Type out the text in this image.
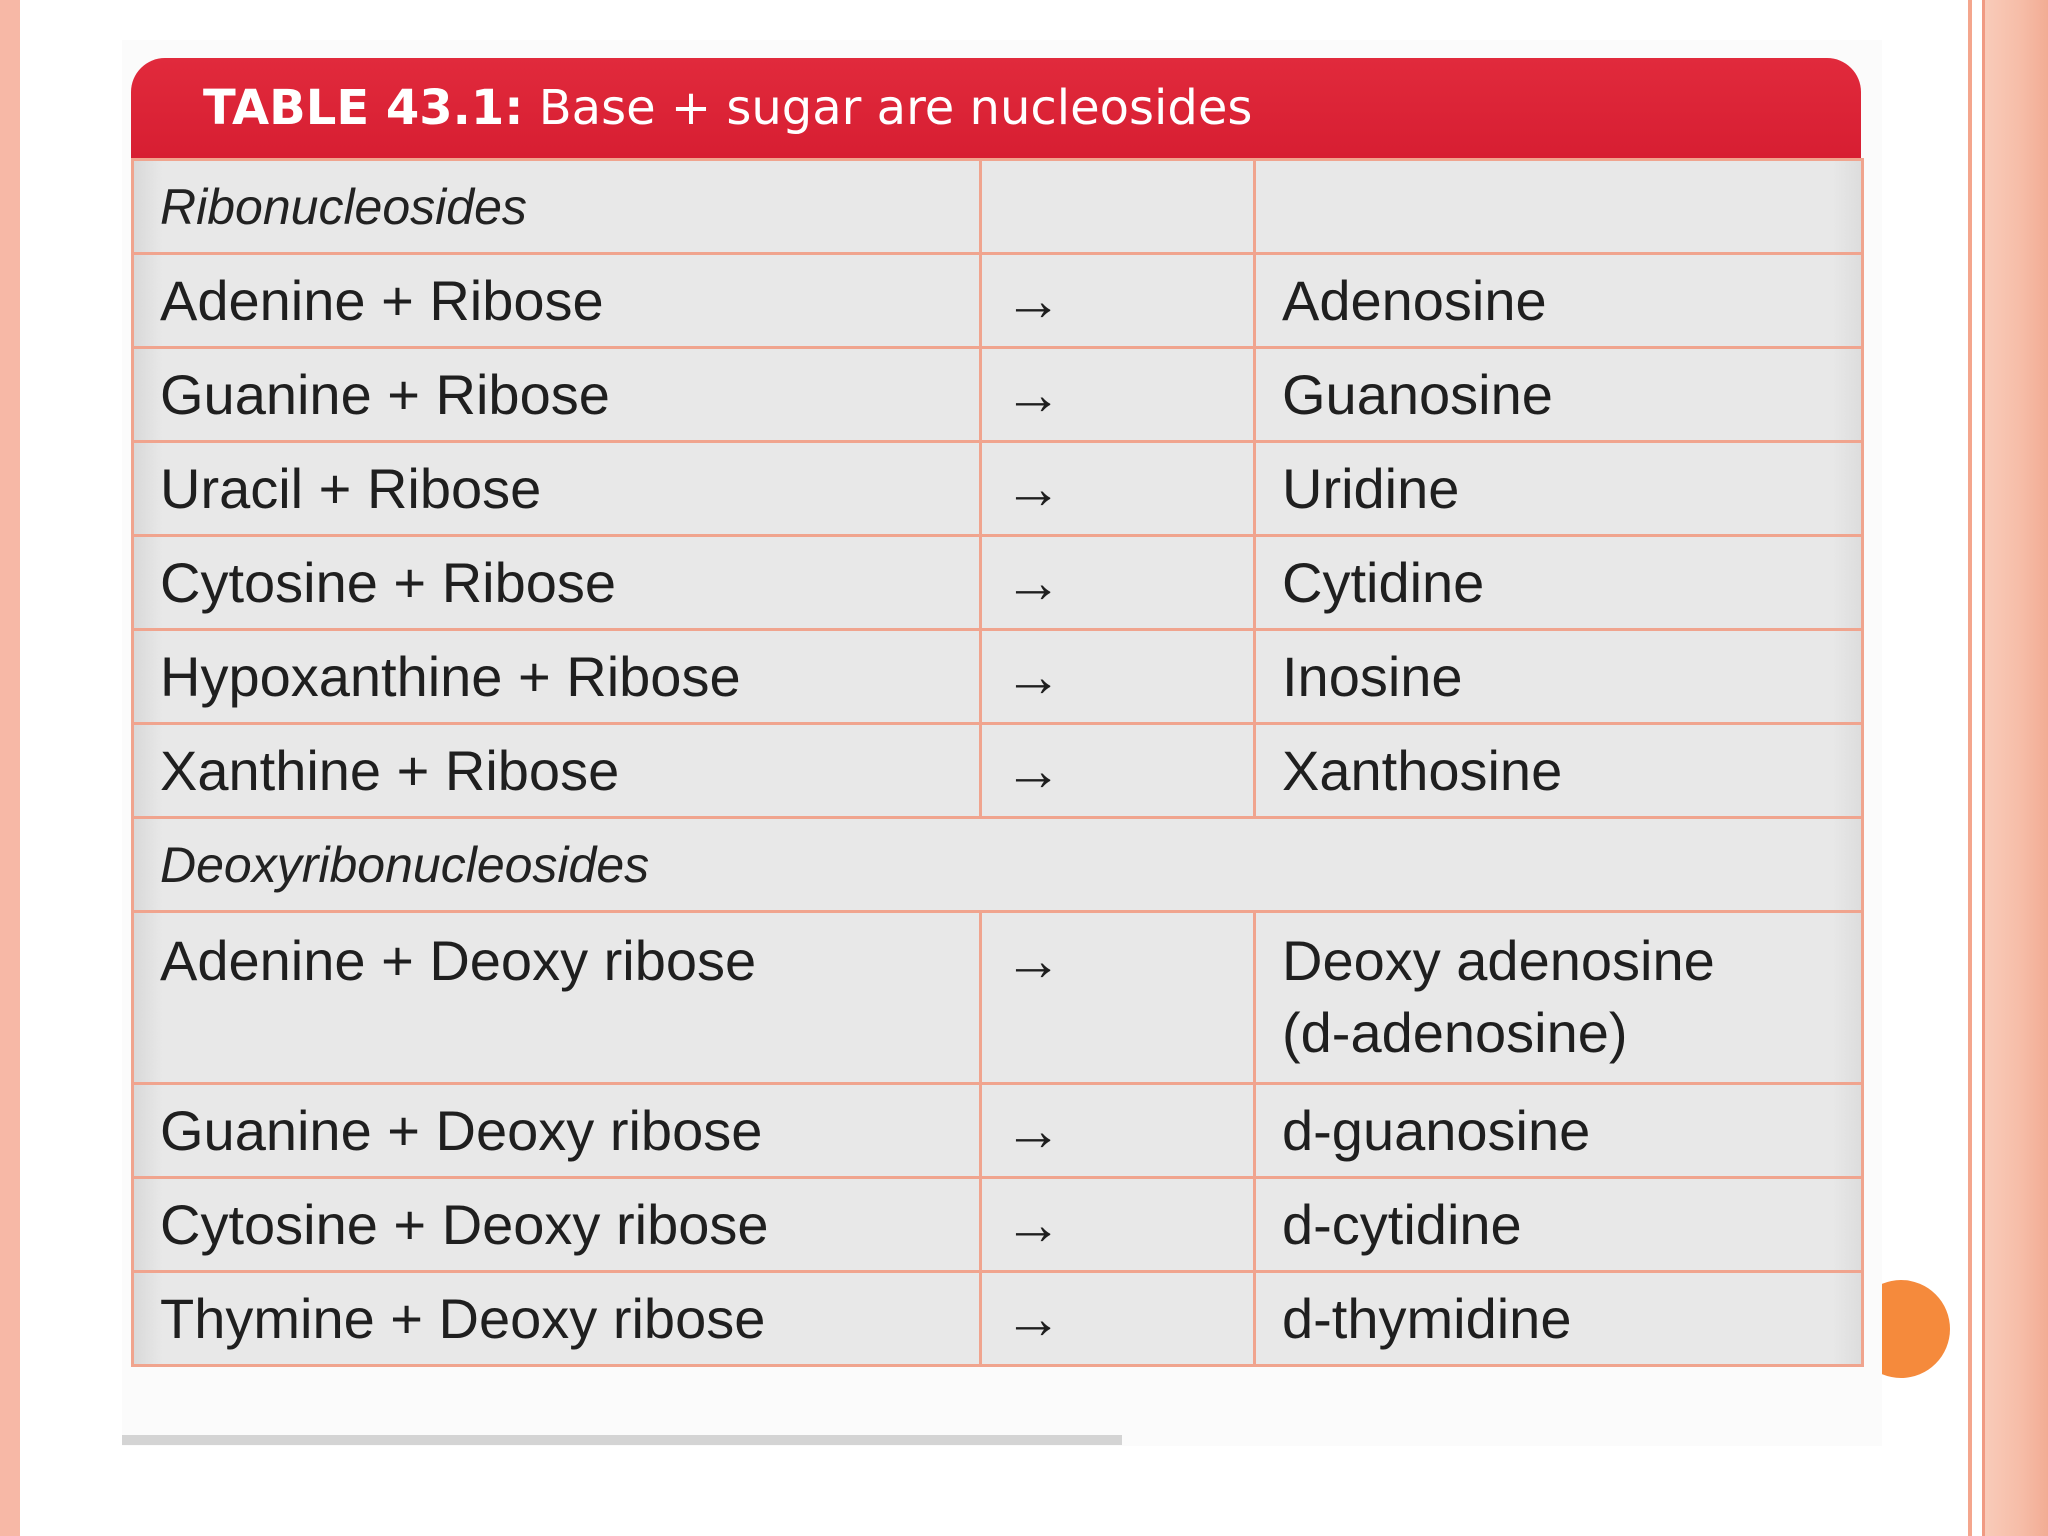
TABLE 43.1: Base + sugar are nucleosides
Ribonucleosides		
Adenine + Ribose	→	Adenosine
Guanine + Ribose	→	Guanosine
Uracil + Ribose	→	Uridine
Cytosine + Ribose	→	Cytidine
Hypoxanthine + Ribose	→	Inosine
Xanthine + Ribose	→	Xanthosine
Deoxyribonucleosides		
Adenine + Deoxy ribose	→	Deoxy adenosine
(d-adenosine)

Guanine + Deoxy ribose	→	d-guanosine
Cytosine + Deoxy ribose	→	d-cytidine
Thymine + Deoxy ribose	→	d-thymidine
